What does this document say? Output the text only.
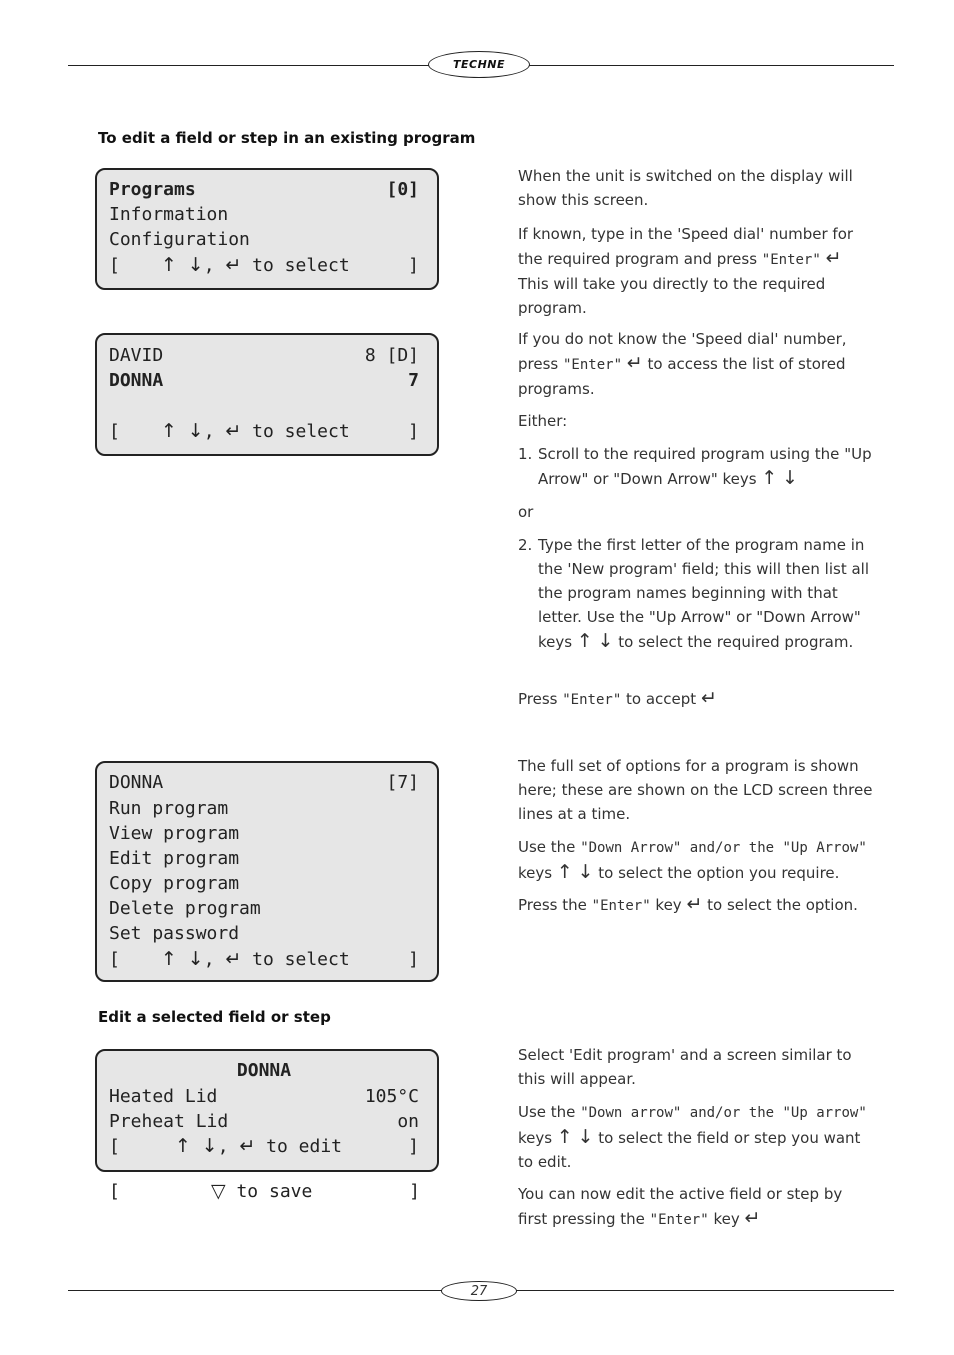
TECHNE
To edit a field or step in an existing program

Programs

	[0]

Information
Configuration
[ ↑ ↓, ↵ to select	]

DAVID

	8 [D]

DONNA

	7

[ ↑ ↓, ↵ to select	]
When the unit is switched on the display will show this screen.
If known, type in the 'Speed dial' number for the required program and press "Enter" ↵ This will take you directly to the required program.
If you do not know the 'Speed dial' number, press "Enter" ↵ to access the list of stored programs.
Either:
1. Scroll to the required program using the "Up Arrow" or "Down Arrow" keys ↑ ↓
or
2. Type the first letter of the program name in the 'New program' field; this will then list all the program names beginning with that letter. Use the "Up Arrow" or "Down Arrow" keys ↑ ↓ to select the required program.
Press "Enter" to accept ↵

DONNA

	[7]

Run program
View program
Edit program
Copy program
Delete program
Set password
[ ↑ ↓, ↵ to select	]
The full set of options for a program is shown here; these are shown on the LCD screen three lines at a time.
Use the "Down Arrow" and/or the "Up Arrow" keys ↑ ↓ to select the option you require.
Press the "Enter" key ↵ to select the option.
Edit a selected field or step

DONNA

Heated Lid

	105°C

Preheat Lid

	on

[	↑ ↓, ↵ to edit	]
[	▽ to save	]
Select 'Edit program' and a screen similar to this will appear.
Use the "Down arrow" and/or the "Up arrow" keys ↑ ↓ to select the field or step you want to edit.
You can now edit the active field or step by first pressing the "Enter" key ↵
27
